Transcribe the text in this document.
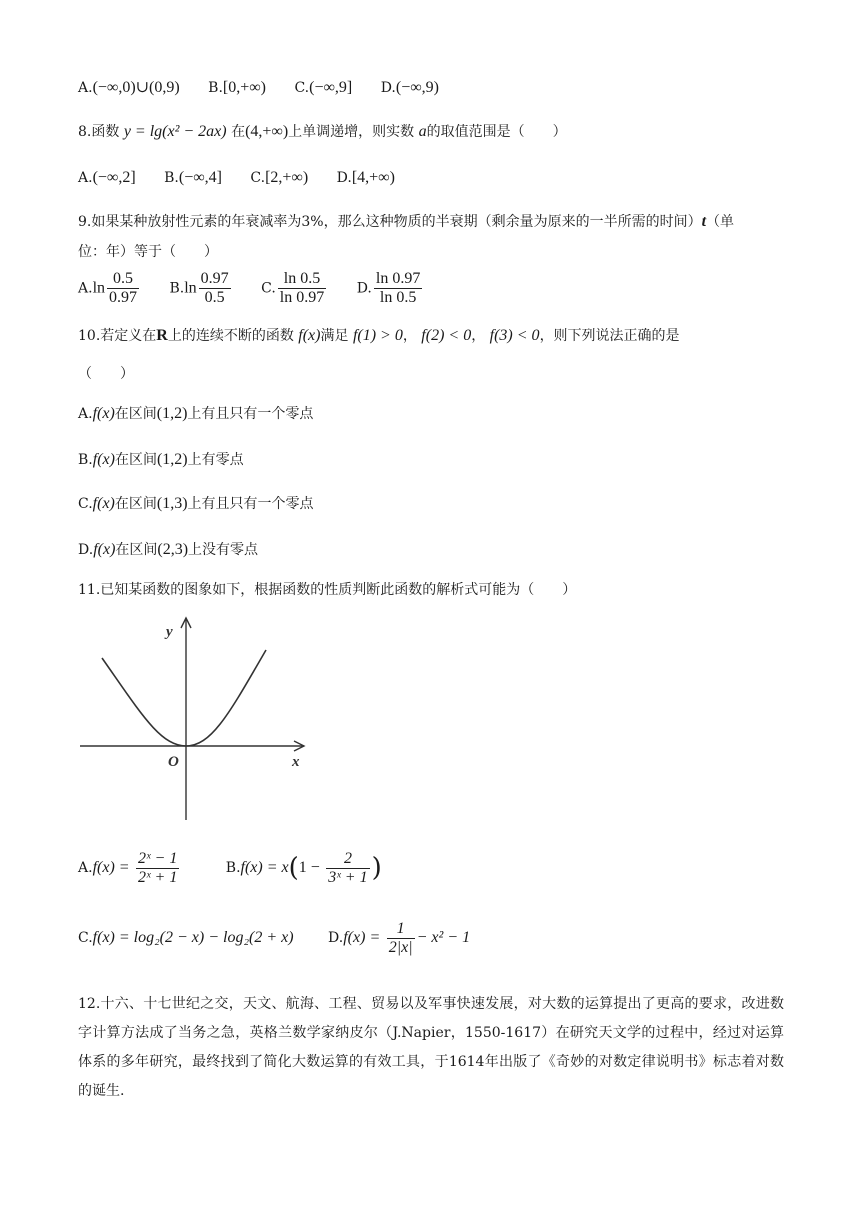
A.(−∞,0)∪(0,9) B.[0,+∞) C.(−∞,9] D.(−∞,9)
8.函数 y = lg(x² − 2ax) 在(4,+∞)上单调递增，则实数 a的取值范围是（　　）
A.(−∞,2] B.(−∞,4] C.[2,+∞) D.[4,+∞)
9.如果某种放射性元素的年衰减率为3%，那么这种物质的半衰期（剩余量为原来的一半所需的时间）t（单
位：年）等于（　　）
$A.\ln \frac{0.5}{0.97} B.\ln \frac{0.97}{0.5} C$. $\frac{\ln 0.5}{\ln 0.97} D$. $\frac{\ln 0.97}{\ln 0.5}$
10.若定义在R上的连续不断的函数 f(x)满足 f(1) > 0， f(2) < 0， f(3) < 0，则下列说法正确的是
（　　）
A.f(x)在区间(1,2)上有且只有一个零点
B.f(x)在区间(1,2)上有零点
C.f(x)在区间(1,3)上有且只有一个零点
D.f(x)在区间(2,3)上没有零点
11.已知某函数的图象如下，根据函数的性质判断此函数的解析式可能为（　　）
y
x
O
$A.f(x) = \frac{\text{2ˣ − 1}}{\text{2ˣ + 1}}$	$B.f(x) = x(1 - \frac{2}{\text{3ˣ + 1}}$ )
C.f(x) = log₂(2 − x) − log₂(2 + x) $D.f(x) = \frac{1}{2|x|} - x^2 - 1$
12.十六、十七世纪之交，天文、航海、工程、贸易以及军事快速发展，对大数的运算提出了更高的要求，改进数字计算方法成了当务之急，英格兰数学家纳皮尔（J.Napier，1550-1617）在研究天文学的过程中，经过对运算体系的多年研究，最终找到了简化大数运算的有效工具，于1614年出版了《奇妙的对数定律说明书》标志着对数的诞生.
